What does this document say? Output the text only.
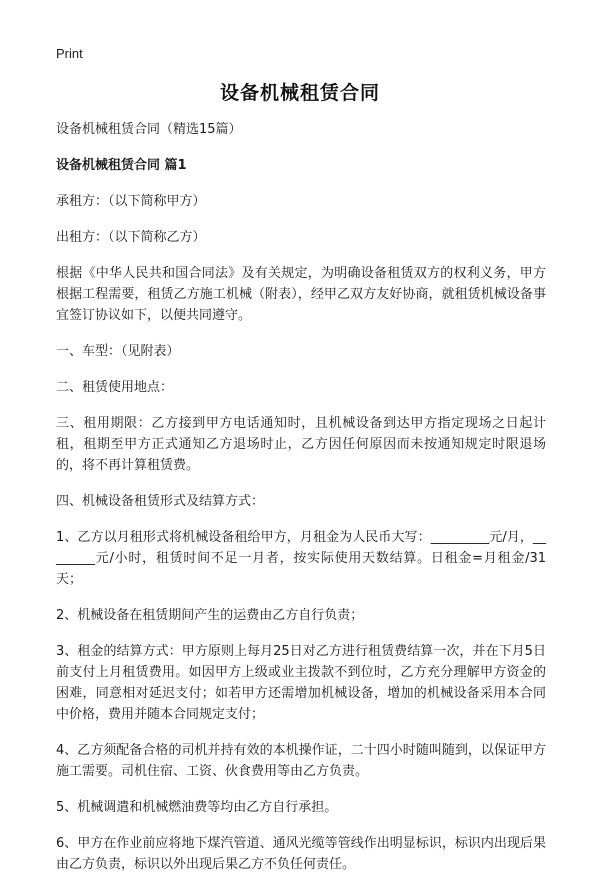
Print
设备机械租赁合同

设备机械租赁合同（精选15篇）

设备机械租赁合同 篇1

承租方：（以下简称甲方）

出租方：（以下简称乙方）

根据《中华人民共和国合同法》及有关规定，为明确设备租赁双方的权利义务，甲方根据工程需要，租赁乙方施工机械（附表），经甲乙双方友好协商，就租赁机械设备事宜签订协议如下，以便共同遵守。

一、车型：（见附表）

二、租赁使用地点：

三、租用期限：乙方接到甲方电话通知时，且机械设备到达甲方指定现场之日起计租，租期至甲方正式通知乙方退场时止，乙方因任何原因而未按通知规定时限退场的，将不再计算租赁费。

四、机械设备租赁形式及结算方式：

1、乙方以月租形式将机械设备租给甲方，月租金为人民币大写：_________元/月，________元/小时，租赁时间不足一月者，按实际使用天数结算。日租金=月租金/31天；

2、机械设备在租赁期间产生的运费由乙方自行负责；

3、租金的结算方式：甲方原则上每月25日对乙方进行租赁费结算一次，并在下月5日前支付上月租赁费用。如因甲方上级或业主拨款不到位时，乙方充分理解甲方资金的困难，同意相对延迟支付；如若甲方还需增加机械设备，增加的机械设备采用本合同中价格，费用并随本合同规定支付；

4、乙方须配备合格的司机并持有效的本机操作证，二十四小时随叫随到，以保证甲方施工需要。司机住宿、工资、伙食费用等由乙方负责。

5、机械调遣和机械燃油费等均由乙方自行承担。

6、甲方在作业前应将地下煤汽管道、通风光缆等管线作出明显标识，标识内出现后果由乙方负责，标识以外出现后果乙方不负任何责任。
